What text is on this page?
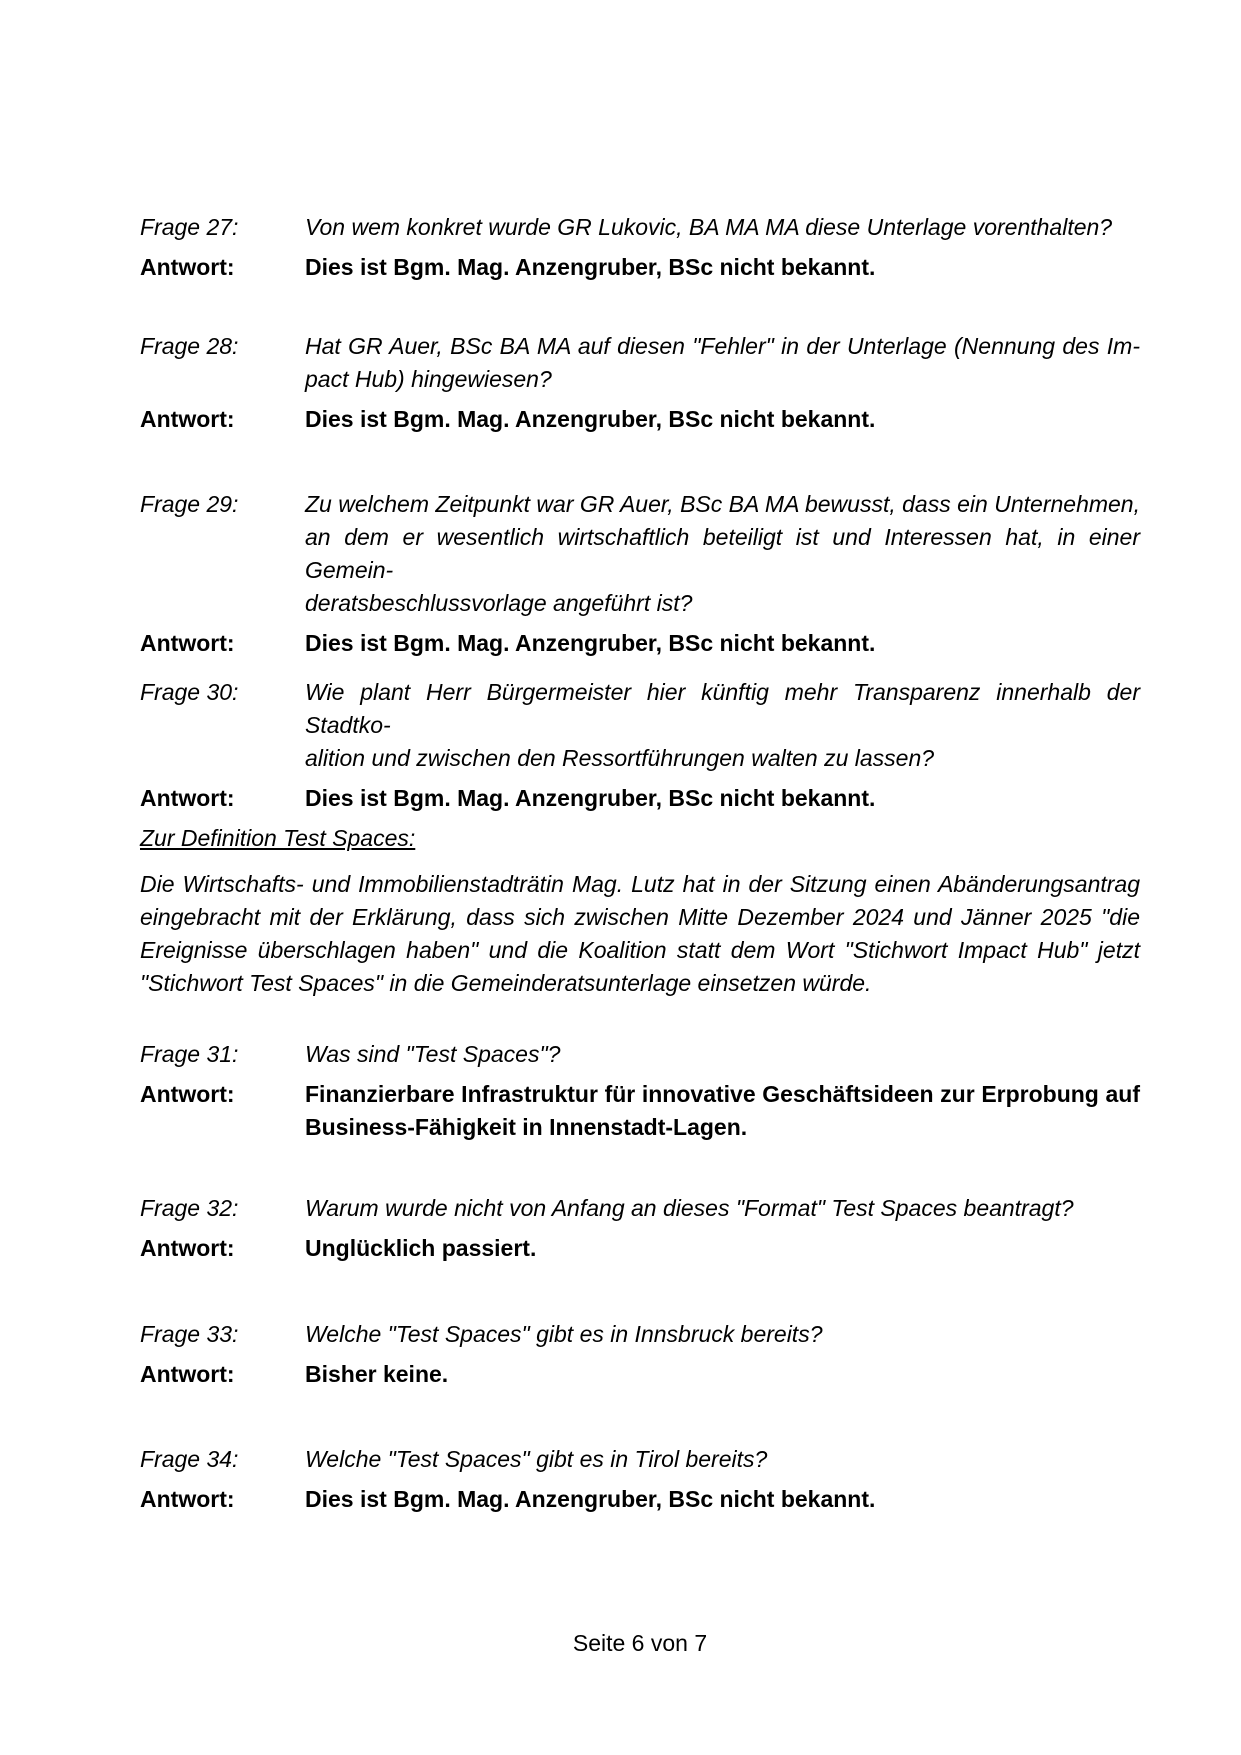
Frage 27:	Von wem konkret wurde GR Lukovic, BA MA MA diese Unterlage vorenthalten?
Antwort:	Dies ist Bgm. Mag. Anzengruber, BSc nicht bekannt.
Frage 28:	Hat GR Auer, BSc BA MA auf diesen "Fehler" in der Unterlage (Nennung des Im-
pact Hub) hingewiesen?
Antwort:	Dies ist Bgm. Mag. Anzengruber, BSc nicht bekannt.
Frage 29:	Zu welchem Zeitpunkt war GR Auer, BSc BA MA bewusst, dass ein Unternehmen,
an dem er wesentlich wirtschaftlich beteiligt ist und Interessen hat, in einer Gemein-
deratsbeschlussvorlage angeführt ist?
Antwort:	Dies ist Bgm. Mag. Anzengruber, BSc nicht bekannt.
Frage 30:	Wie plant Herr Bürgermeister hier künftig mehr Transparenz innerhalb der Stadtko-
alition und zwischen den Ressortführungen walten zu lassen?
Antwort:	Dies ist Bgm. Mag. Anzengruber, BSc nicht bekannt.
Zur Definition Test Spaces:
Die Wirtschafts- und Immobilienstadträtin Mag. Lutz hat in der Sitzung einen Abänderungsantrag
eingebracht mit der Erklärung, dass sich zwischen Mitte Dezember 2024 und Jänner 2025 "die
Ereignisse überschlagen haben" und die Koalition statt dem Wort "Stichwort Impact Hub" jetzt
"Stichwort Test Spaces" in die Gemeinderatsunterlage einsetzen würde.
Frage 31:	Was sind "Test Spaces"?
Antwort:	Finanzierbare Infrastruktur für innovative Geschäftsideen zur Erprobung auf
Business-Fähigkeit in Innenstadt-Lagen.
Frage 32:	Warum wurde nicht von Anfang an dieses "Format" Test Spaces beantragt?
Antwort:	Unglücklich passiert.
Frage 33:	Welche "Test Spaces" gibt es in Innsbruck bereits?
Antwort:	Bisher keine.
Frage 34:	Welche "Test Spaces" gibt es in Tirol bereits?
Antwort:	Dies ist Bgm. Mag. Anzengruber, BSc nicht bekannt.
Seite 6 von 7
